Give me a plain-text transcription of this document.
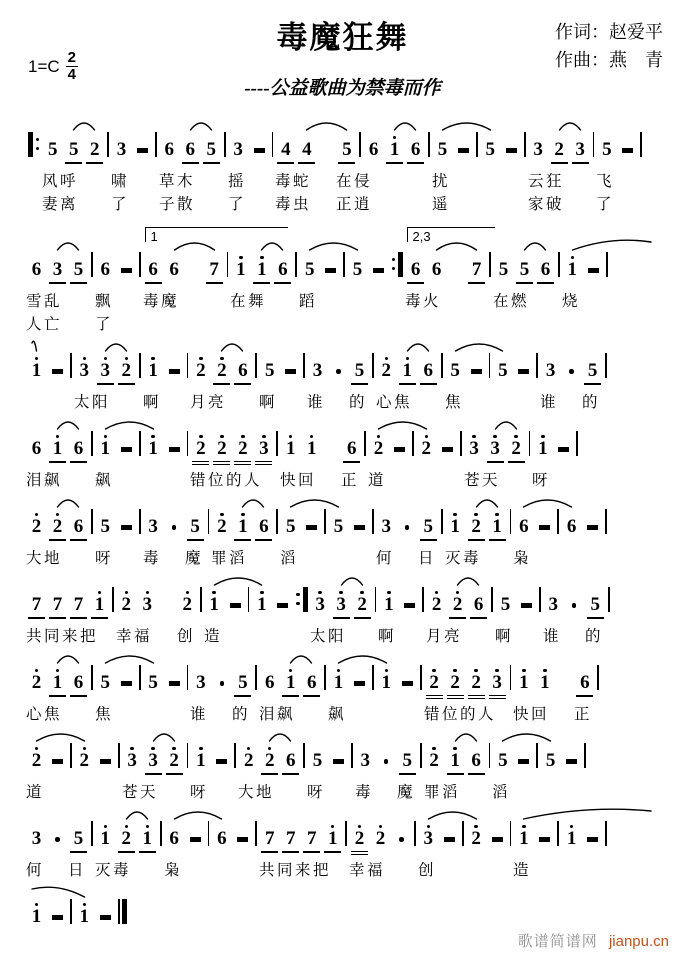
毒魔狂舞	作词：赵爱平
作曲：燕　青
$1=C \frac{2}{4}$
----公益歌曲为禁毒而作
5 5 2 3 6 6 5 3 4 4 5 6 1 6 5 5 3 2 3 5
风呼 啸 草木 摇 毒蛇 在侵	扰	云狂 飞
妻离 了 子散 了 毒虫 正逍	遥	家破 了
6 3 5 6 6 6 7 1 1 6 5 5	6 6 7 5 5 6 1
雪乱 飘 毒魔	在舞 蹈	毒火	在燃 烧
人亡 了
1	2,3
1 3 3 2 1 2 2 6 5 3 5 2 1 6 5 5 3 5
太阳 啊 月亮 啊 谁 的 心焦 焦	谁 的
6 1 6 1 1 2 2 2 3 1 1 6 2 2 3 3 2 1
泪飙 飙	错位的人 快回 正 道	苍天 呀
2 2 6 5 3 5 2 1 6 5 5 3 5 1 2 1 6 6
大地 呀 毒 魔 罪滔 滔	何 日 灭毒 枭
7 7 7 1 2 3 2 1 1	3 3 2 1 2 2 6 5 3 5
共同来把 幸福 创 造	太阳 啊 月亮 啊 谁 的
2 1 6 5 5 3 5 6 1 6 1 1 2 2 2 3 1 1 6
心焦 焦	谁 的 泪飙 飙	错位的人 快回 正
2 2 3 3 2 1 2 2 6 5 3 5 2 1 6 5 5
道	苍天 呀 大地 呀 毒 魔 罪滔 滔
3 5 1 2 1 6 6 7 7 7 1 2 2 3 2 1 1
何 日 灭毒 枭	共同来把 幸福 创	造
1 1
歌谱简谱网 jianpu.cn
